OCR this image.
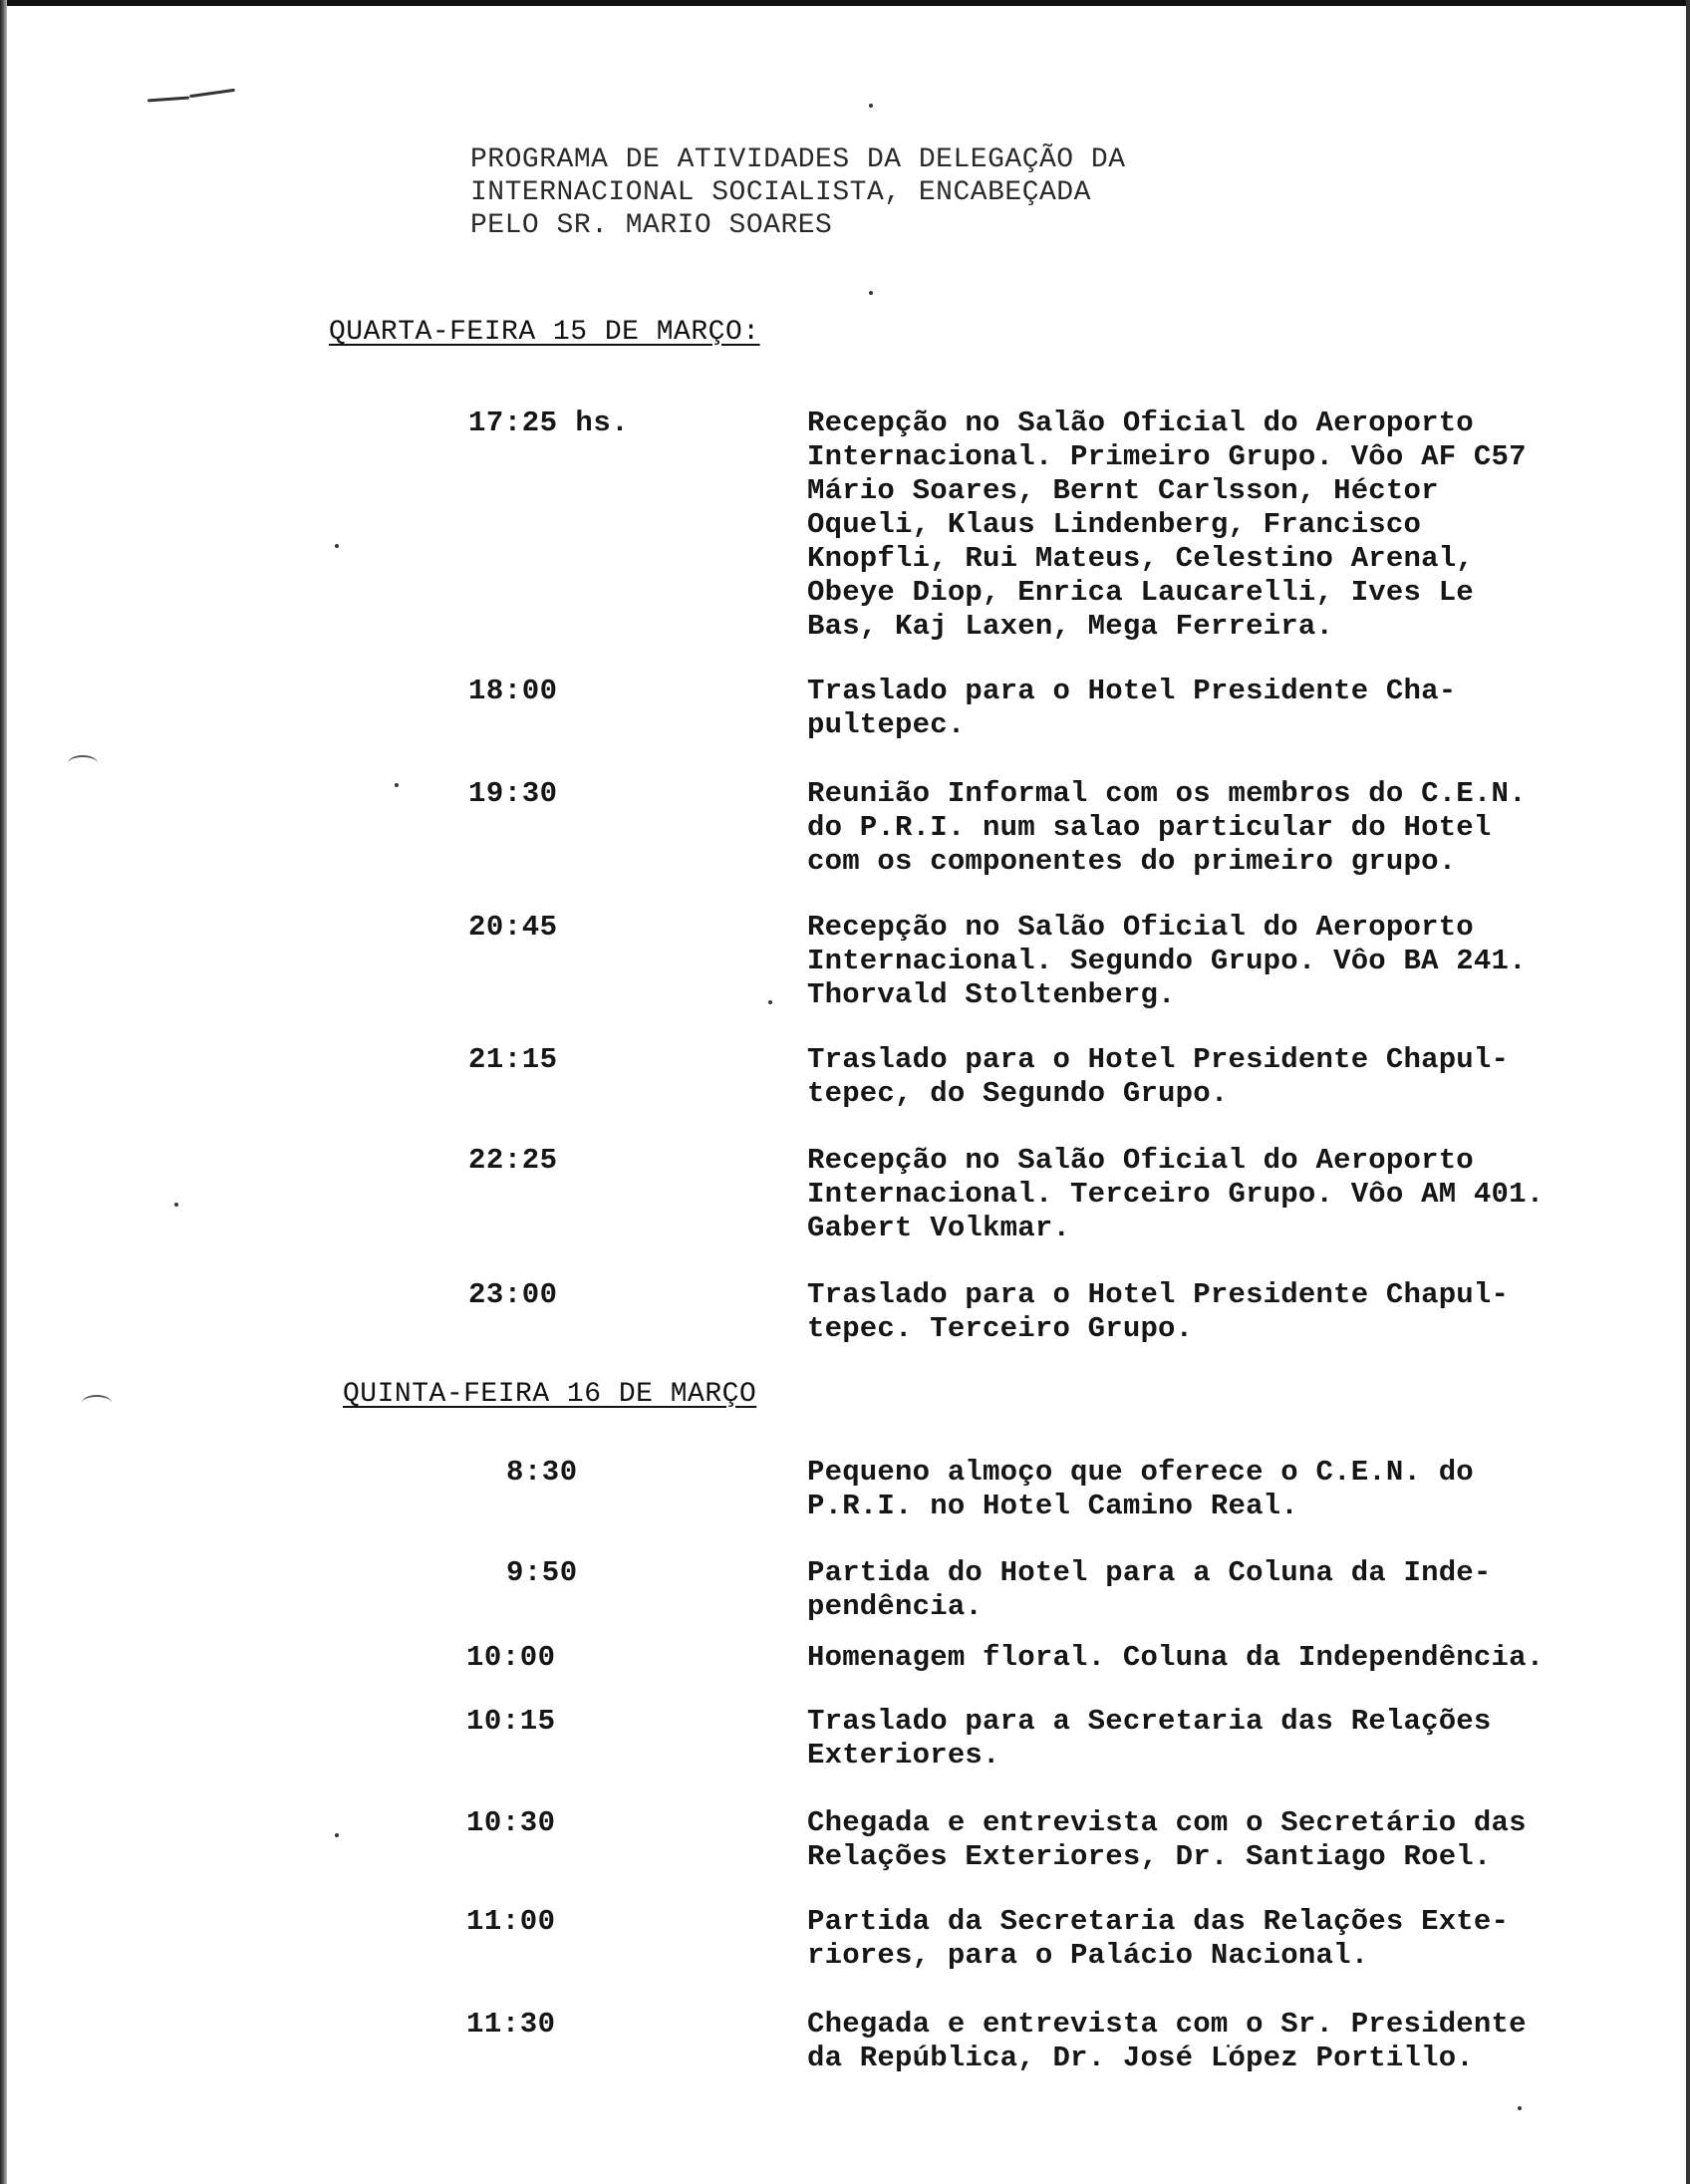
PROGRAMA DE ATIVIDADES DA DELEGAÇÃO DA
INTERNACIONAL SOCIALISTA, ENCABEÇADA
PELO SR. MARIO SOARES
QUARTA-FEIRA 15 DE MARÇO:
17:25 hs.	Recepção no Salão Oficial do Aeroporto
Internacional. Primeiro Grupo. Vôo AF C57
Mário Soares, Bernt Carlsson, Héctor
Oqueli, Klaus Lindenberg, Francisco
Knopfli, Rui Mateus, Celestino Arenal,
Obeye Diop, Enrica Laucarelli, Ives Le
Bas, Kaj Laxen, Mega Ferreira.
18:00	Traslado para o Hotel Presidente Cha-
pultepec.
19:30	Reunião Informal com os membros do C.E.N.
do P.R.I. num salao particular do Hotel
com os componentes do primeiro grupo.
20:45	Recepção no Salão Oficial do Aeroporto
Internacional. Segundo Grupo. Vôo BA 241.
Thorvald Stoltenberg.
21:15	Traslado para o Hotel Presidente Chapul-
tepec, do Segundo Grupo.
22:25	Recepção no Salão Oficial do Aeroporto
Internacional. Terceiro Grupo. Vôo AM 401.
Gabert Volkmar.
23:00	Traslado para o Hotel Presidente Chapul-
tepec. Terceiro Grupo.
QUINTA-FEIRA 16 DE MARÇO
8:30	Pequeno almoço que oferece o C.E.N. do
P.R.I. no Hotel Camino Real.
9:50	Partida do Hotel para a Coluna da Inde-
pendência.
10:00	Homenagem floral. Coluna da Independência.
10:15	Traslado para a Secretaria das Relações
Exteriores.
10:30	Chegada e entrevista com o Secretário das
Relações Exteriores, Dr. Santiago Roel.
11:00	Partida da Secretaria das Relações Exte-
riores, para o Palácio Nacional.
11:30	Chegada e entrevista com o Sr. Presidente
da República, Dr. José López Portillo.
